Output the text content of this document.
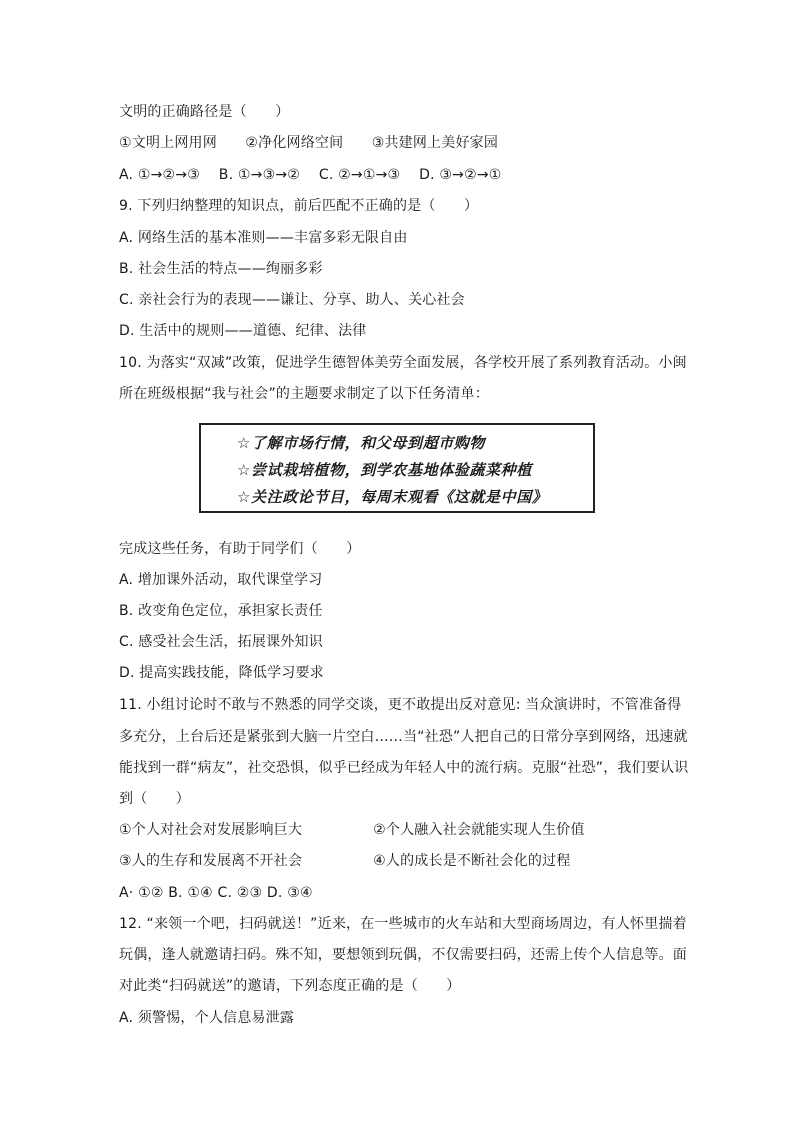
文明的正确路径是（　　）
①文明上网用网　　②净化网络空间　　③共建网上美好家园
A. ①→②→③　 B. ①→③→②　 C. ②→①→③　 D. ③→②→①
9. 下列归纳整理的知识点，前后匹配不正确的是（　　）
A. 网络生活的基本准则——丰富多彩无限自由
B. 社会生活的特点——绚丽多彩
C. 亲社会行为的表现——谦让、分享、助人、关心社会
D. 生活中的规则——道德、纪律、法律
10. 为落实“双减”改策，促进学生德智体美劳全面发展，各学校开展了系列教育活动。小闽
所在班级根据“我与社会”的主题要求制定了以下任务清单：
☆了解市场行情，和父母到超市购物
☆尝试栽培植物，到学农基地体验蔬菜种植
☆关注政论节目，每周末观看《这就是中国》
完成这些任务，有助于同学们（　　）
A. 增加课外活动，取代课堂学习
B. 改变角色定位，承担家长责任
C. 感受社会生活，拓展课外知识
D. 提高实践技能，降低学习要求
11. 小组讨论时不敢与不熟悉的同学交谈，更不敢提出反对意见: 当众演讲时，不管准备得
多充分，上台后还是紧张到大脑一片空白……当“社恐”人把自己的日常分享到网络，迅速就
能找到一群“病友”，社交恐惧，似乎已经成为年轻人中的流行病。克服“社恐”，我们要认识
到（　　）
①个人对社会对发展影响巨大　　　　　②个人融入社会就能实现人生价值
③人的生存和发展离不开社会　　　　　④人的成长是不断社会化的过程
A· ①② B. ①④ C. ②③ D. ③④
12. “来领一个吧，扫码就送！”近来，在一些城市的火车站和大型商场周边，有人怀里揣着
玩偶，逢人就邀请扫码。殊不知，要想领到玩偶，不仅需要扫码，还需上传个人信息等。面
对此类“扫码就送”的邀请，下列态度正确的是（　　）
A. 须警惕，个人信息易泄露
